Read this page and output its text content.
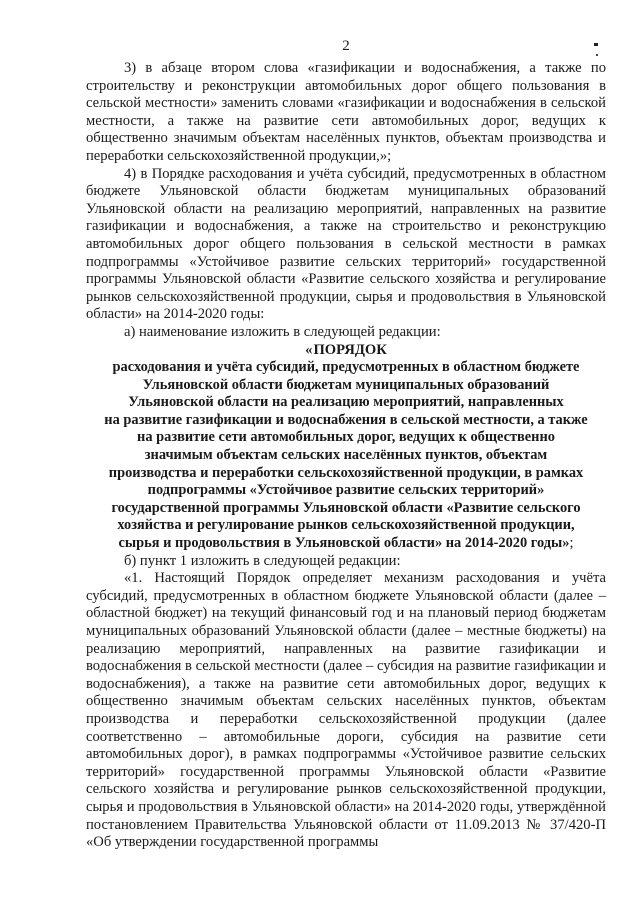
2

3) в абзаце втором слова «газификации и водоснабжения, а также по строительству и реконструкции автомобильных дорог общего пользования в сельской местности» заменить словами «газификации и водоснабжения в сельской местности, а также на развитие сети автомобильных дорог, ведущих к общественно значимым объектам населённых пунктов, объектам производства и переработки сельскохозяйственной продукции,»;

4) в Порядке расходования и учёта субсидий, предусмотренных в областном бюджете Ульяновской области бюджетам муниципальных образований Ульяновской области на реализацию мероприятий, направленных на развитие газификации и водоснабжения, а также на строительство и реконструкцию автомобильных дорог общего пользования в сельской местности в рамках подпрограммы «Устойчивое развитие сельских территорий» государственной программы Ульяновской области «Развитие сельского хозяйства и регулирование рынков сельскохозяйственной продукции, сырья и продовольствия в Ульяновской области» на 2014-2020 годы:

а) наименование изложить в следующей редакции:

«ПОРЯДОК

расходования и учёта субсидий, предусмотренных в областном бюджете

Ульяновской области бюджетам муниципальных образований

Ульяновской области на реализацию мероприятий, направленных

на развитие газификации и водоснабжения в сельской местности, а также

на развитие сети автомобильных дорог, ведущих к общественно

значимым объектам сельских населённых пунктов, объектам

производства и переработки сельскохозяйственной продукции, в рамках

подпрограммы «Устойчивое развитие сельских территорий»

государственной программы Ульяновской области «Развитие сельского

хозяйства и регулирование рынков сельскохозяйственной продукции,

сырья и продовольствия в Ульяновской области» на 2014-2020 годы»;

б) пункт 1 изложить в следующей редакции:

«1. Настоящий Порядок определяет механизм расходования и учёта субсидий, предусмотренных в областном бюджете Ульяновской области (далее – областной бюджет) на текущий финансовый год и на плановый период бюджетам муниципальных образований Ульяновской области (далее – местные бюджеты) на реализацию мероприятий, направленных на развитие газификации и водоснабжения в сельской местности (далее – субсидия на развитие газификации и водоснабжения), а также на развитие сети автомобильных дорог, ведущих к общественно значимым объектам сельских населённых пунктов, объектам производства и переработки сельскохозяйственной продукции (далее соответственно – автомобильные дороги, субсидия на развитие сети автомобильных дорог), в рамках подпрограммы «Устойчивое развитие сельских территорий» государственной программы Ульяновской области «Развитие сельского хозяйства и регулирование рынков сельскохозяйственной продукции, сырья и продовольствия в Ульяновской области» на 2014-2020 годы, утверждённой постановлением Правительства Ульяновской области от 11.09.2013 № 37/420-П «Об утверждении государственной программы
